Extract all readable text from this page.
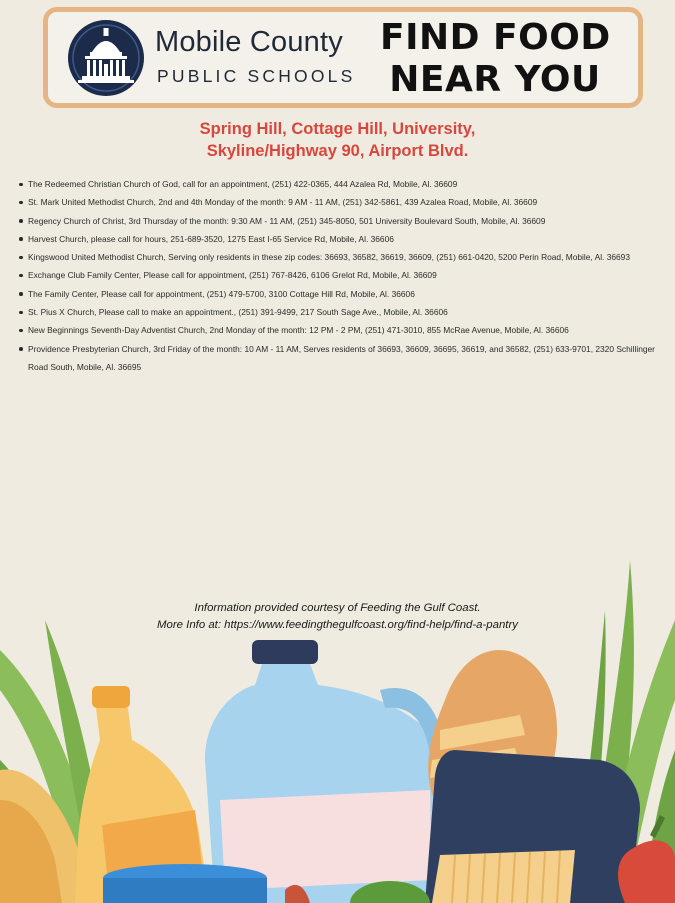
Mobile County
PUBLIC SCHOOLS
FIND FOOD
NEAR YOU
Spring Hill, Cottage Hill, University,
Skyline/Highway 90, Airport Blvd.
The Redeemed Christian Church of God, call for an appointment, (251) 422-0365, 444 Azalea Rd, Mobile, Al. 36609
St. Mark United Methodist Church, 2nd and 4th Monday of the month: 9 AM - 11 AM, (251) 342-5861, 439 Azalea Road, Mobile, Al. 36609
Regency Church of Christ, 3rd Thursday of the month: 9:30 AM - 11 AM, (251) 345-8050, 501 University Boulevard South, Mobile, Al. 36609
Harvest Church, please call for hours, 251-689-3520, 1275 East I-65 Service Rd, Mobile, Al. 36606
Kingswood United Methodist Church, Serving only residents in these zip codes: 36693, 36582, 36619, 36609, (251) 661-0420, 5200 Perin Road, Mobile, Al. 36693
Exchange Club Family Center, Please call for appointment, (251) 767-8426, 6106 Grelot Rd, Mobile, Al. 36609
The Family Center, Please call for appointment, (251) 479-5700, 3100 Cottage Hill Rd, Mobile, Al. 36606
St. Pius X Church, Please call to make an appointment., (251) 391-9499, 217 South Sage Ave., Mobile, Al. 36606
New Beginnings Seventh-Day Adventist Church, 2nd Monday of the month: 12 PM - 2 PM, (251) 471-3010, 855 McRae Avenue, Mobile, Al. 36606
Providence Presbyterian Church, 3rd Friday of the month: 10 AM - 11 AM, Serves residents of 36693, 36609, 36695, 36619, and 36582, (251) 633-9701, 2320 Schillinger Road South, Mobile, Al. 36695
Information provided courtesy of Feeding the Gulf Coast.
More Info at: https://www.feedingthegulfcoast.org/find-help/find-a-pantry
